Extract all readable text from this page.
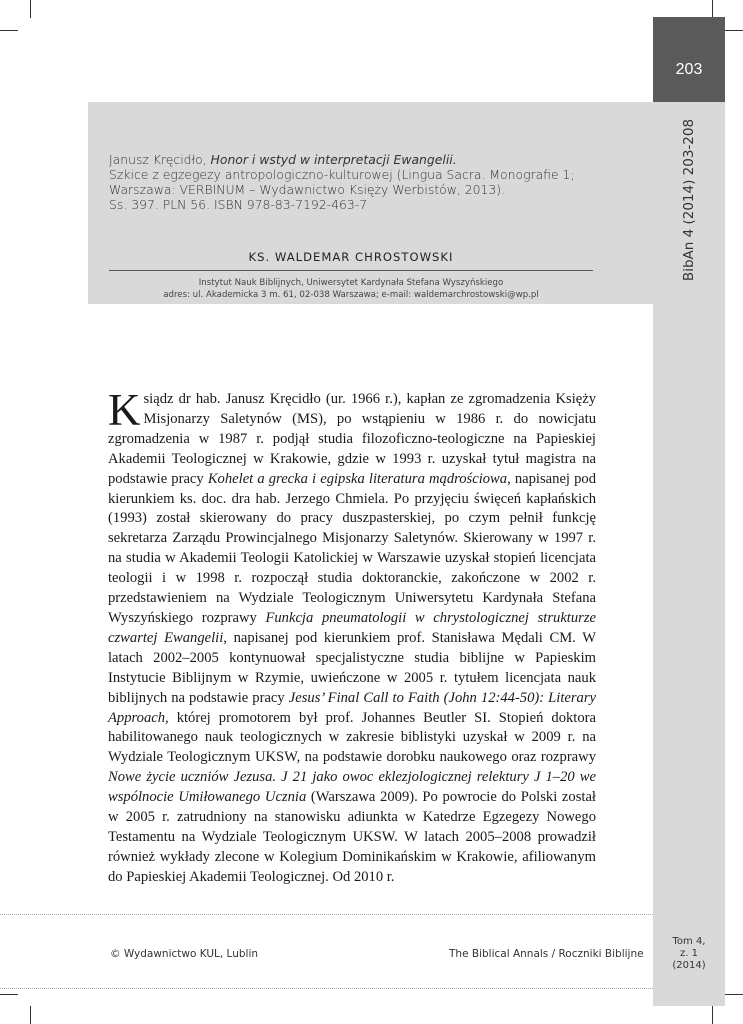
203
BibAn 4 (2014) 203-208
Janusz Kręcidło, Honor i wstyd w interpretacji Ewangelii.
Szkice z egzegezy antropologiczno-kulturowej (Lingua Sacra. Monografie 1;
Warszawa: VERBINUM – Wydawnictwo Księży Werbistów, 2013).
Ss. 397. PLN 56. ISBN 978-83-7192-463-7
KS. WALDEMAR CHROSTOWSKI
Instytut Nauk Biblijnych, Uniwersytet Kardynała Stefana Wyszyńskiego
adres: ul. Akademicka 3 m. 61, 02-038 Warszawa; e-mail: waldemarchrostowski@wp.pl
Ksiądz dr hab. Janusz Kręcidło (ur. 1966 r.), kapłan ze zgromadzenia Księży Misjonarzy Saletynów (MS), po wstąpieniu w 1986 r. do nowicjatu zgromadzenia w 1987 r. podjął studia filozoficzno-teologiczne na Papieskiej Akademii Teologicznej w Krakowie, gdzie w 1993 r. uzyskał tytuł magistra na podstawie pracy Kohelet a grecka i egipska literatura mądrościowa, napisanej pod kierunkiem ks. doc. dra hab. Jerzego Chmiela. Po przyjęciu święceń kapłańskich (1993) został skierowany do pracy duszpasterskiej, po czym pełnił funkcję sekretarza Zarządu Prowincjalnego Misjonarzy Saletynów. Skierowany w 1997 r. na studia w Akademii Teologii Katolickiej w Warszawie uzyskał stopień licencjata teologii i w 1998 r. rozpoczął studia doktoranckie, zakończone w 2002 r. przedstawieniem na Wydziale Teologicznym Uniwersytetu Kardynała Stefana Wyszyńskiego rozprawy Funkcja pneumatologii w chrystologicznej strukturze czwartej Ewangelii, napisanej pod kierunkiem prof. Stanisława Mędali CM. W latach 2002–2005 kontynuował specjalistyczne studia biblijne w Papieskim Instytucie Biblijnym w Rzymie, uwieńczone w 2005 r. tytułem licencjata nauk biblijnych na podstawie pracy Jesus’ Final Call to Faith (John 12:44-50): Literary Approach, której promotorem był prof. Johannes Beutler SI. Stopień doktora habilitowanego nauk teologicznych w zakresie biblistyki uzyskał w 2009 r. na Wydziale Teologicznym UKSW, na podstawie dorobku naukowego oraz rozprawy Nowe życie uczniów Jezusa. J 21 jako owoc eklezjologicznej relektury J 1–20 we wspólnocie Umiłowanego Ucznia (Warszawa 2009). Po powrocie do Polski został w 2005 r. zatrudniony na stanowisku adiunkta w Katedrze Egzegezy Nowego Testamentu na Wydziale Teologicznym UKSW. W latach 2005–2008 prowadził również wykłady zlecone w Kolegium Dominikańskim w Krakowie, afiliowanym do Papieskiej Akademii Teologicznej. Od 2010 r.
© Wydawnictwo KUL, Lublin	The Biblical Annals / Roczniki Biblijne
Tom 4,
z. 1
(2014)
